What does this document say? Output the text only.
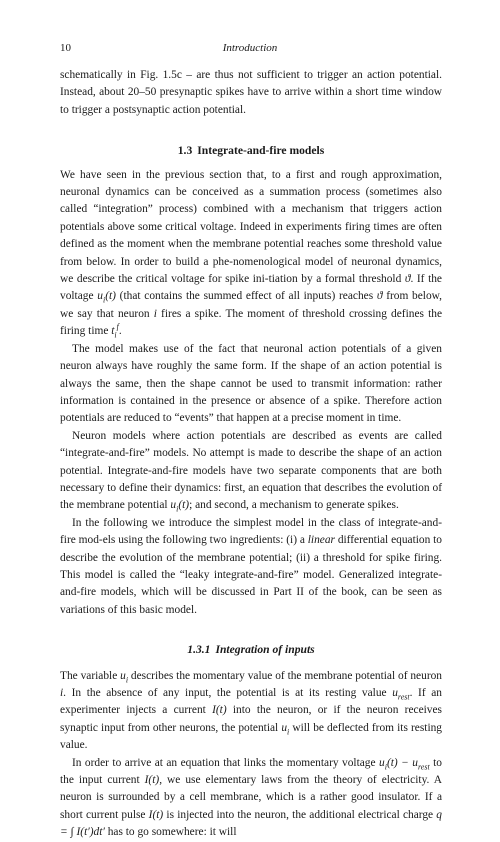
10	Introduction

schematically in Fig. 1.5c – are thus not sufficient to trigger an action potential. Instead, about 20–50 presynaptic spikes have to arrive within a short time window to trigger a postsynaptic action potential.

1.3 Integrate-and-fire models

We have seen in the previous section that, to a first and rough approximation, neuronal dynamics can be conceived as a summation process (sometimes also called “integration” process) combined with a mechanism that triggers action potentials above some critical voltage. Indeed in experiments firing times are often defined as the moment when the membrane potential reaches some threshold value from below. In order to build a phe-nomenological model of neuronal dynamics, we describe the critical voltage for spike ini-tiation by a formal threshold ϑ. If the voltage $u_i(t)$ (that contains the summed effect of all inputs) reaches ϑ from below, we say that neuron i fires a spike. The moment of threshold crossing defines the firing time $t_i^f$.

The model makes use of the fact that neuronal action potentials of a given neuron always have roughly the same form. If the shape of an action potential is always the same, then the shape cannot be used to transmit information: rather information is contained in the presence or absence of a spike. Therefore action potentials are reduced to “events” that happen at a precise moment in time.

Neuron models where action potentials are described as events are called “integrate-and-fire” models. No attempt is made to describe the shape of an action potential. Integrate-and-fire models have two separate components that are both necessary to define their dynamics: first, an equation that describes the evolution of the membrane potential $u_i(t)$; and second, a mechanism to generate spikes.

In the following we introduce the simplest model in the class of integrate-and-fire mod-els using the following two ingredients: (i) a linear differential equation to describe the evolution of the membrane potential; (ii) a threshold for spike firing. This model is called the “leaky integrate-and-fire” model. Generalized integrate-and-fire models, which will be discussed in Part II of the book, can be seen as variations of this basic model.

1.3.1 Integration of inputs

The variable $u_i$ describes the momentary value of the membrane potential of neuron i. In the absence of any input, the potential is at its resting value $u_{rest}$. If an experimenter injects a current I(t) into the neuron, or if the neuron receives synaptic input from other neurons, the potential $u_i$ will be deflected from its resting value.

In order to arrive at an equation that links the momentary voltage $u_i(t) - u_{rest}$ to the input current I(t), we use elementary laws from the theory of electricity. A neuron is surrounded by a cell membrane, which is a rather good insulator. If a short current pulse I(t) is injected into the neuron, the additional electrical charge q = ∫ I(t′)dt′ has to go somewhere: it will
